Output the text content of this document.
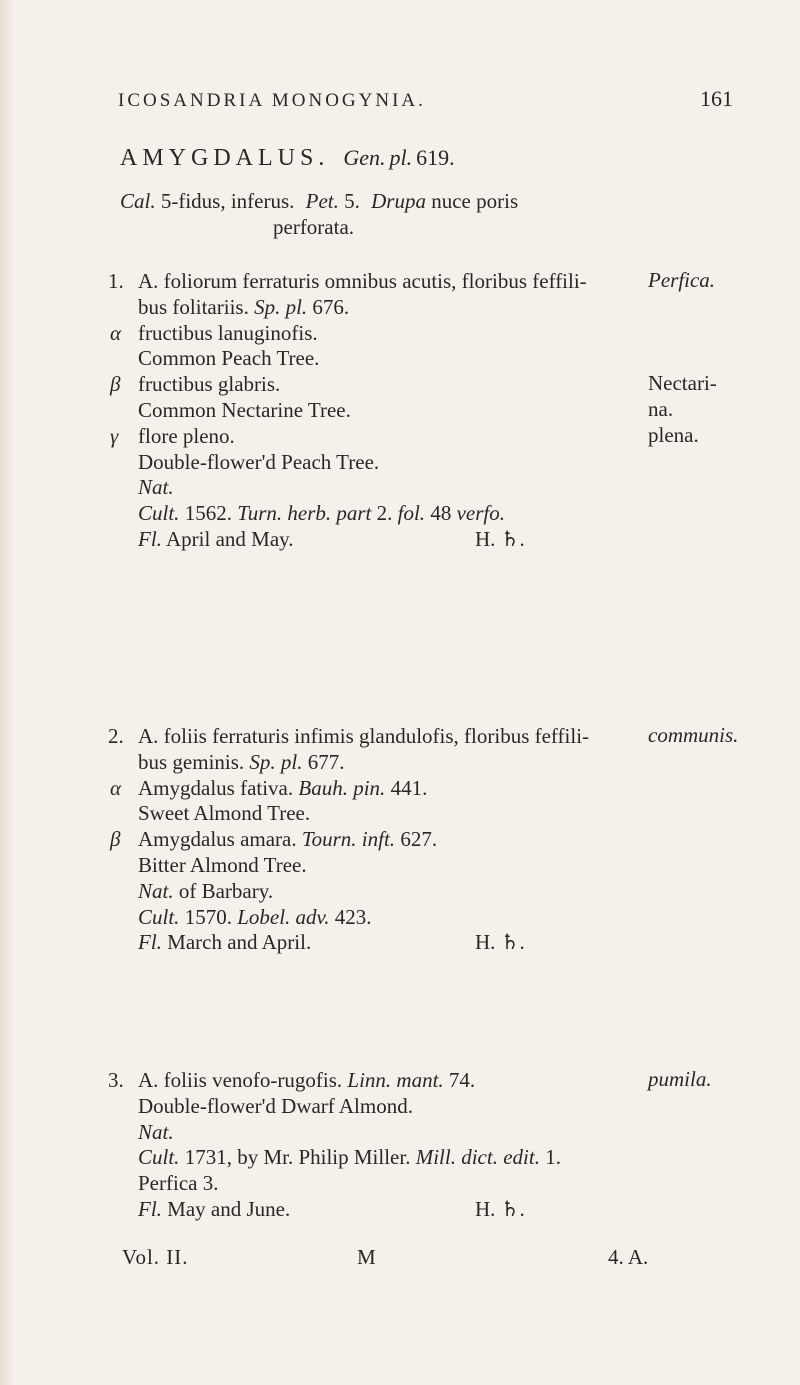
ICOSANDRIA MONOGYNIA.	161
AMYGDALUS. Gen. pl. 619.
Cal. 5-fidus, inferus. Pet. 5. Drupa nuce poris
perforata.
Perfica.
1. A. foliorum ferraturis omnibus acutis, floribus feffili-
bus folitariis. Sp. pl. 676.
α fructibus lanuginofis.
Common Peach Tree.
β fructibus glabris.	Nectari-
Common Nectarine Tree.	na.
γ flore pleno.	plena.
Double-flower'd Peach Tree.
Nat.
Cult. 1562. Turn. herb. part 2. fol. 48 verfo.
Fl. April and May.	H. ♄.
communis.
2. A. foliis ferraturis infimis glandulofis, floribus feffili-
bus geminis. Sp. pl. 677.
α Amygdalus fativa. Bauh. pin. 441.
Sweet Almond Tree.
β Amygdalus amara. Tourn. inft. 627.
Bitter Almond Tree.
Nat. of Barbary.
Cult. 1570. Lobel. adv. 423.
Fl. March and April.	H. ♄.
pumila.
3. A. foliis venofo-rugofis. Linn. mant. 74.
Double-flower'd Dwarf Almond.
Nat.
Cult. 1731, by Mr. Philip Miller. Mill. dict. edit. 1.
Perfica 3.
Fl. May and June.	H. ♄.
Vol. II.	M	4. A.
